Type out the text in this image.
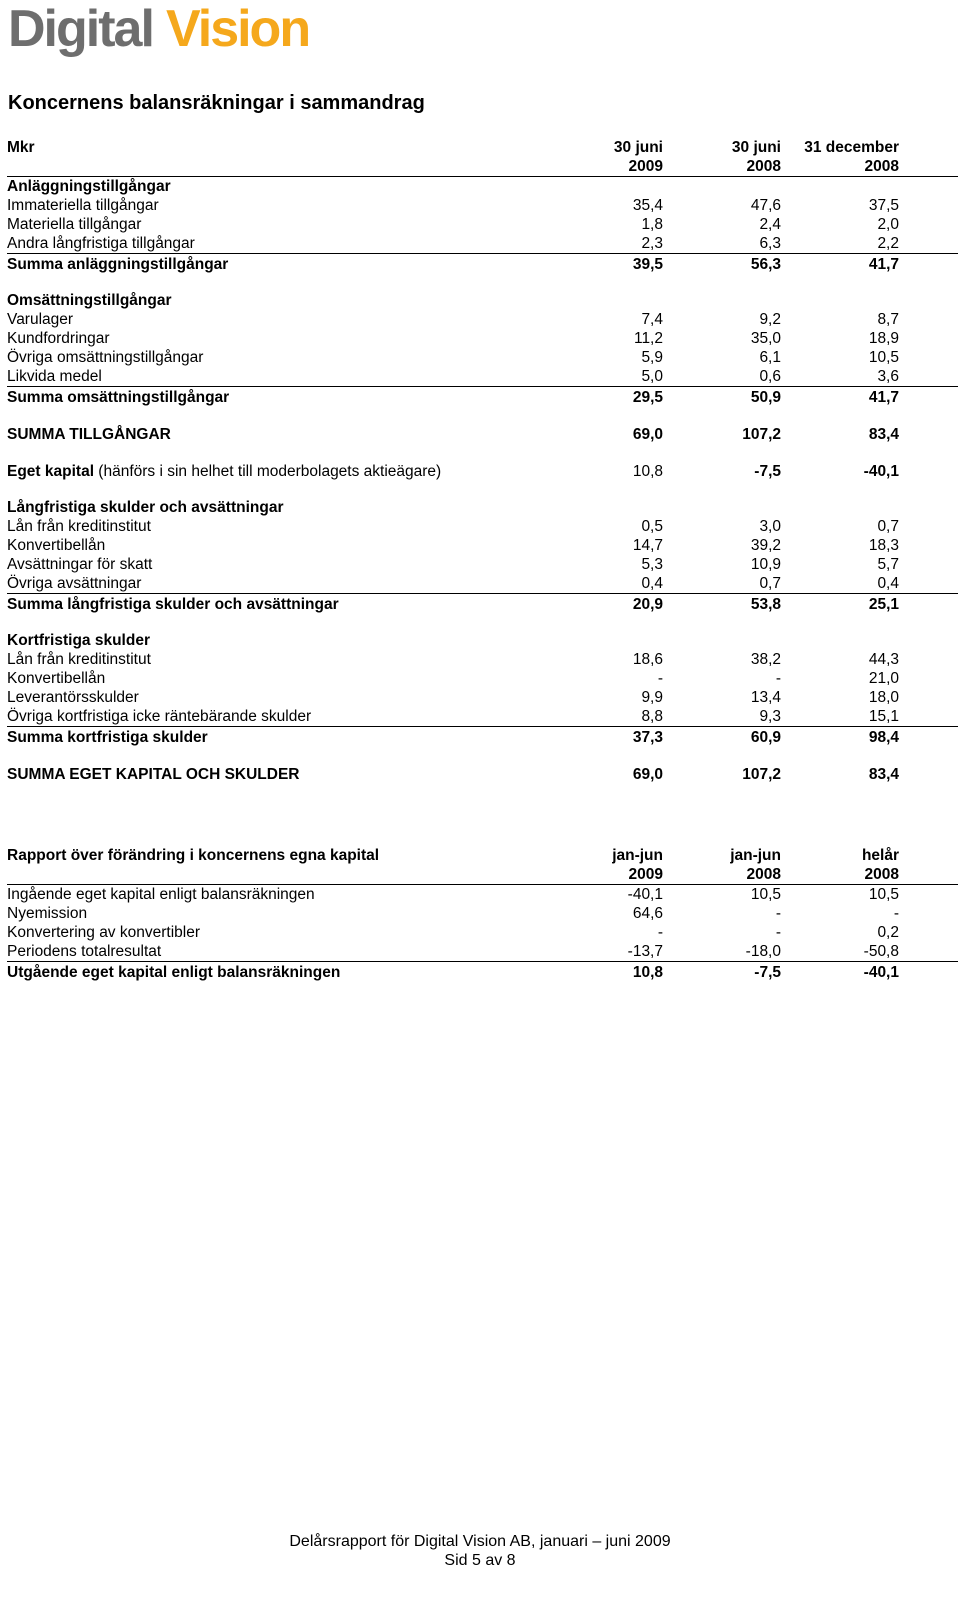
Digital Vision
Koncernens balansräkningar i sammandrag
Mkr	30 juni	30 juni	31 december	
	2009	2008	2008	
Anläggningstillgångar				
Immateriella tillgångar	35,4	47,6	37,5	
Materiella tillgångar	1,8	2,4	2,0	
Andra långfristiga tillgångar	2,3	6,3	2,2	
Summa anläggningstillgångar	39,5	56,3	41,7	

Omsättningstillgångar				
Varulager	7,4	9,2	8,7	
Kundfordringar	11,2	35,0	18,9	
Övriga omsättningstillgångar	5,9	6,1	10,5	
Likvida medel	5,0	0,6	3,6	
Summa omsättningstillgångar	29,5	50,9	41,7	

SUMMA TILLGÅNGAR	69,0	107,2	83,4	

Eget kapital (hänförs i sin helhet till moderbolagets aktieägare)	10,8	-7,5	-40,1	

Långfristiga skulder och avsättningar				
Lån från kreditinstitut	0,5	3,0	0,7	
Konvertibellån	14,7	39,2	18,3	
Avsättningar för skatt	5,3	10,9	5,7	
Övriga avsättningar	0,4	0,7	0,4	
Summa långfristiga skulder och avsättningar	20,9	53,8	25,1	

Kortfristiga skulder				
Lån från kreditinstitut	18,6	38,2	44,3	
Konvertibellån	-	-	21,0	
Leverantörsskulder	9,9	13,4	18,0	
Övriga kortfristiga icke räntebärande skulder	8,8	9,3	15,1	
Summa kortfristiga skulder	37,3	60,9	98,4	

SUMMA EGET KAPITAL OCH SKULDER	69,0	107,2	83,4	
Rapport över förändring i koncernens egna kapital	jan-jun	jan-jun	helår	
	2009	2008	2008	
Ingående eget kapital enligt balansräkningen	-40,1	10,5	10,5	
Nyemission	64,6	-	-	
Konvertering av konvertibler	-	-	0,2	
Periodens totalresultat	-13,7	-18,0	-50,8	
Utgående eget kapital enligt balansräkningen	10,8	-7,5	-40,1	
Delårsrapport för Digital Vision AB, januari – juni 2009
Sid 5 av 8
